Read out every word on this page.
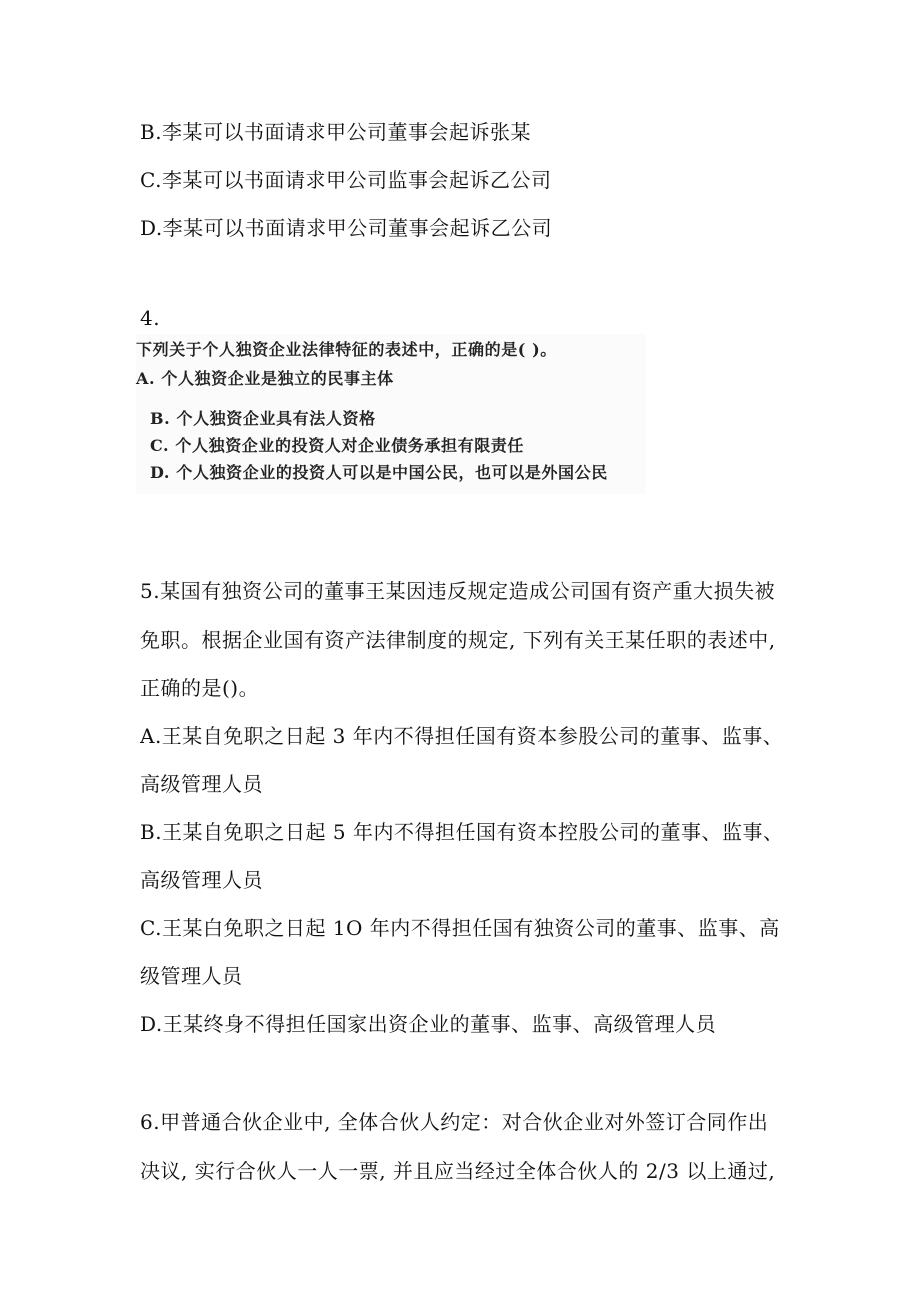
B.李某可以书面请求甲公司董事会起诉张某
C.李某可以书面请求甲公司监事会起诉乙公司
D.李某可以书面请求甲公司董事会起诉乙公司
4.
下列关于个人独资企业法律特征的表述中，正确的是( )。
A. 个人独资企业是独立的民事主体
B. 个人独资企业具有法人资格
C. 个人独资企业的投资人对企业债务承担有限责任
D. 个人独资企业的投资人可以是中国公民，也可以是外国公民
5.某国有独资公司的董事王某因违反规定造成公司国有资产重大损失被
免职。根据企业国有资产法律制度的规定, 下列有关王某任职的表述中,
正确的是()。
A.王某自免职之日起 3 年内不得担任国有资本参股公司的董事、监事、
高级管理人员
B.王某自免职之日起 5 年内不得担任国有资本控股公司的董事、监事、
高级管理人员
C.王某白免职之日起 1O 年内不得担任国有独资公司的董事、监事、高
级管理人员
D.王某终身不得担任国家出资企业的董事、监事、高级管理人员
6.甲普通合伙企业中, 全体合伙人约定：对合伙企业对外签订合同作出
决议, 实行合伙人一人一票, 并且应当经过全体合伙人的 2/3 以上通过,
